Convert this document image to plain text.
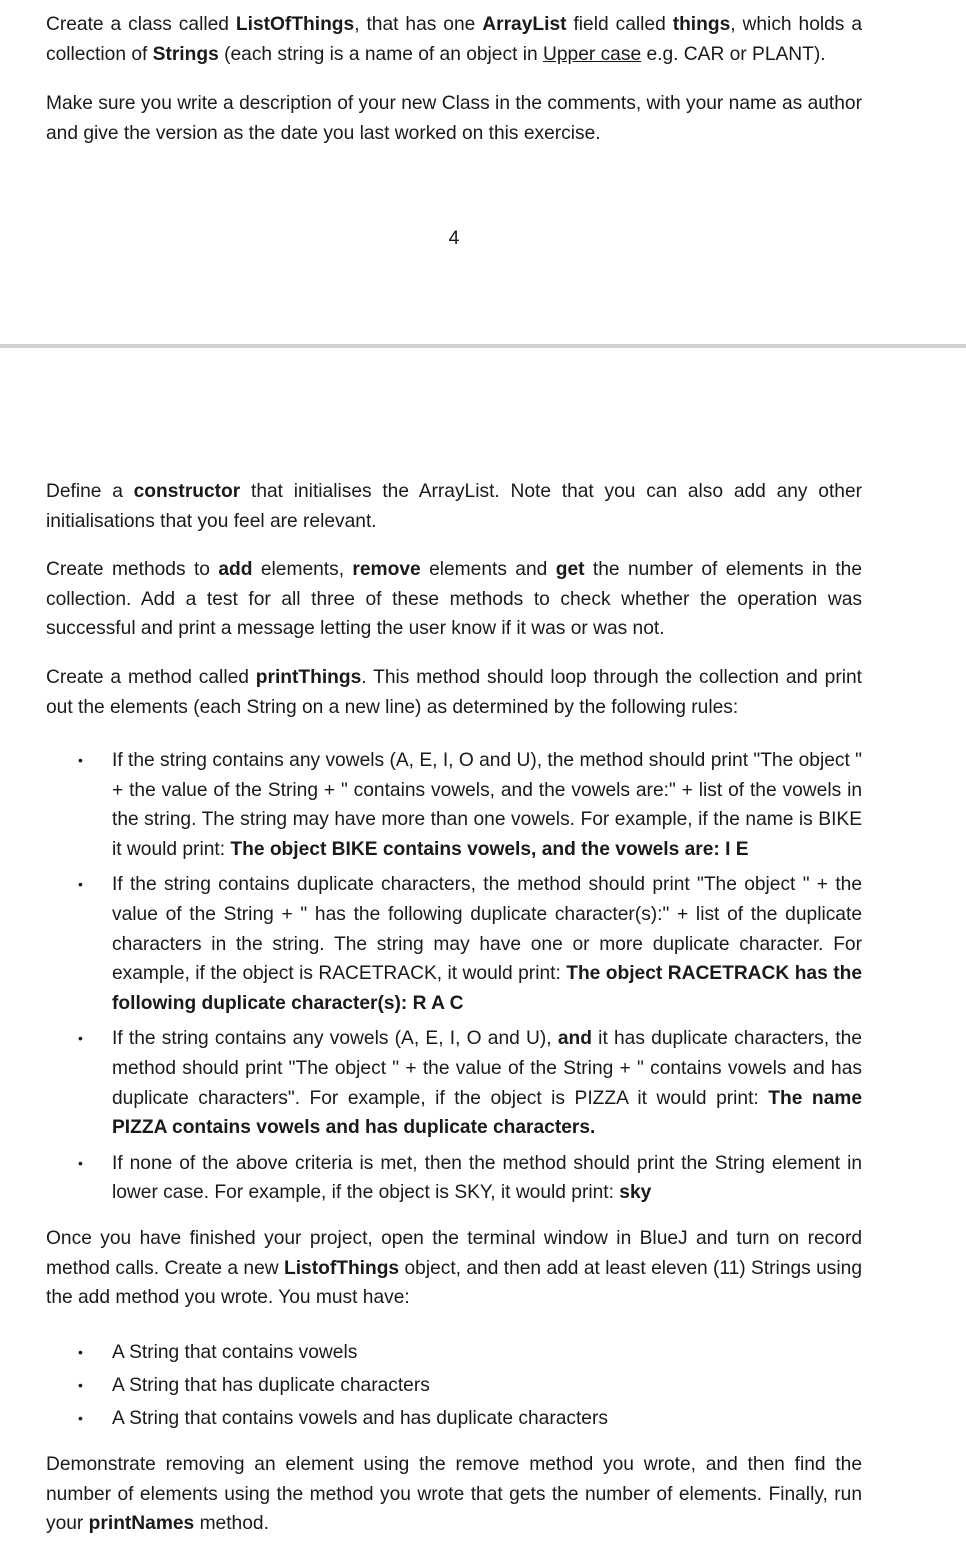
Create a class called ListOfThings, that has one ArrayList field called things, which holds a collection of Strings (each string is a name of an object in Upper case e.g. CAR or PLANT).

Make sure you write a description of your new Class in the comments, with your name as author and give the version as the date you last worked on this exercise.

4

Define a constructor that initialises the ArrayList. Note that you can also add any other initialisations that you feel are relevant.

Create methods to add elements, remove elements and get the number of elements in the collection. Add a test for all three of these methods to check whether the operation was successful and print a message letting the user know if it was or was not.

Create a method called printThings. This method should loop through the collection and print out the elements (each String on a new line) as determined by the following rules:

• If the string contains any vowels (A, E, I, O and U), the method should print "The object " + the value of the String + " contains vowels, and the vowels are:" + list of the vowels in the string. The string may have more than one vowels. For example, if the name is BIKE it would print: The object BIKE contains vowels, and the vowels are: I E
• If the string contains duplicate characters, the method should print "The object " + the value of the String + " has the following duplicate character(s):" + list of the duplicate characters in the string. The string may have one or more duplicate character. For example, if the object is RACETRACK, it would print: The object RACETRACK has the following duplicate character(s): R A C
• If the string contains any vowels (A, E, I, O and U), and it has duplicate characters, the method should print "The object " + the value of the String + " contains vowels and has duplicate characters". For example, if the object is PIZZA it would print: The name PIZZA contains vowels and has duplicate characters.
• If none of the above criteria is met, then the method should print the String element in lower case. For example, if the object is SKY, it would print: sky

Once you have finished your project, open the terminal window in BlueJ and turn on record method calls. Create a new ListofThings object, and then add at least eleven (11) Strings using the add method you wrote. You must have:

• A String that contains vowels
• A String that has duplicate characters
• A String that contains vowels and has duplicate characters

Demonstrate removing an element using the remove method you wrote, and then find the number of elements using the method you wrote that gets the number of elements. Finally, run your printNames method.
